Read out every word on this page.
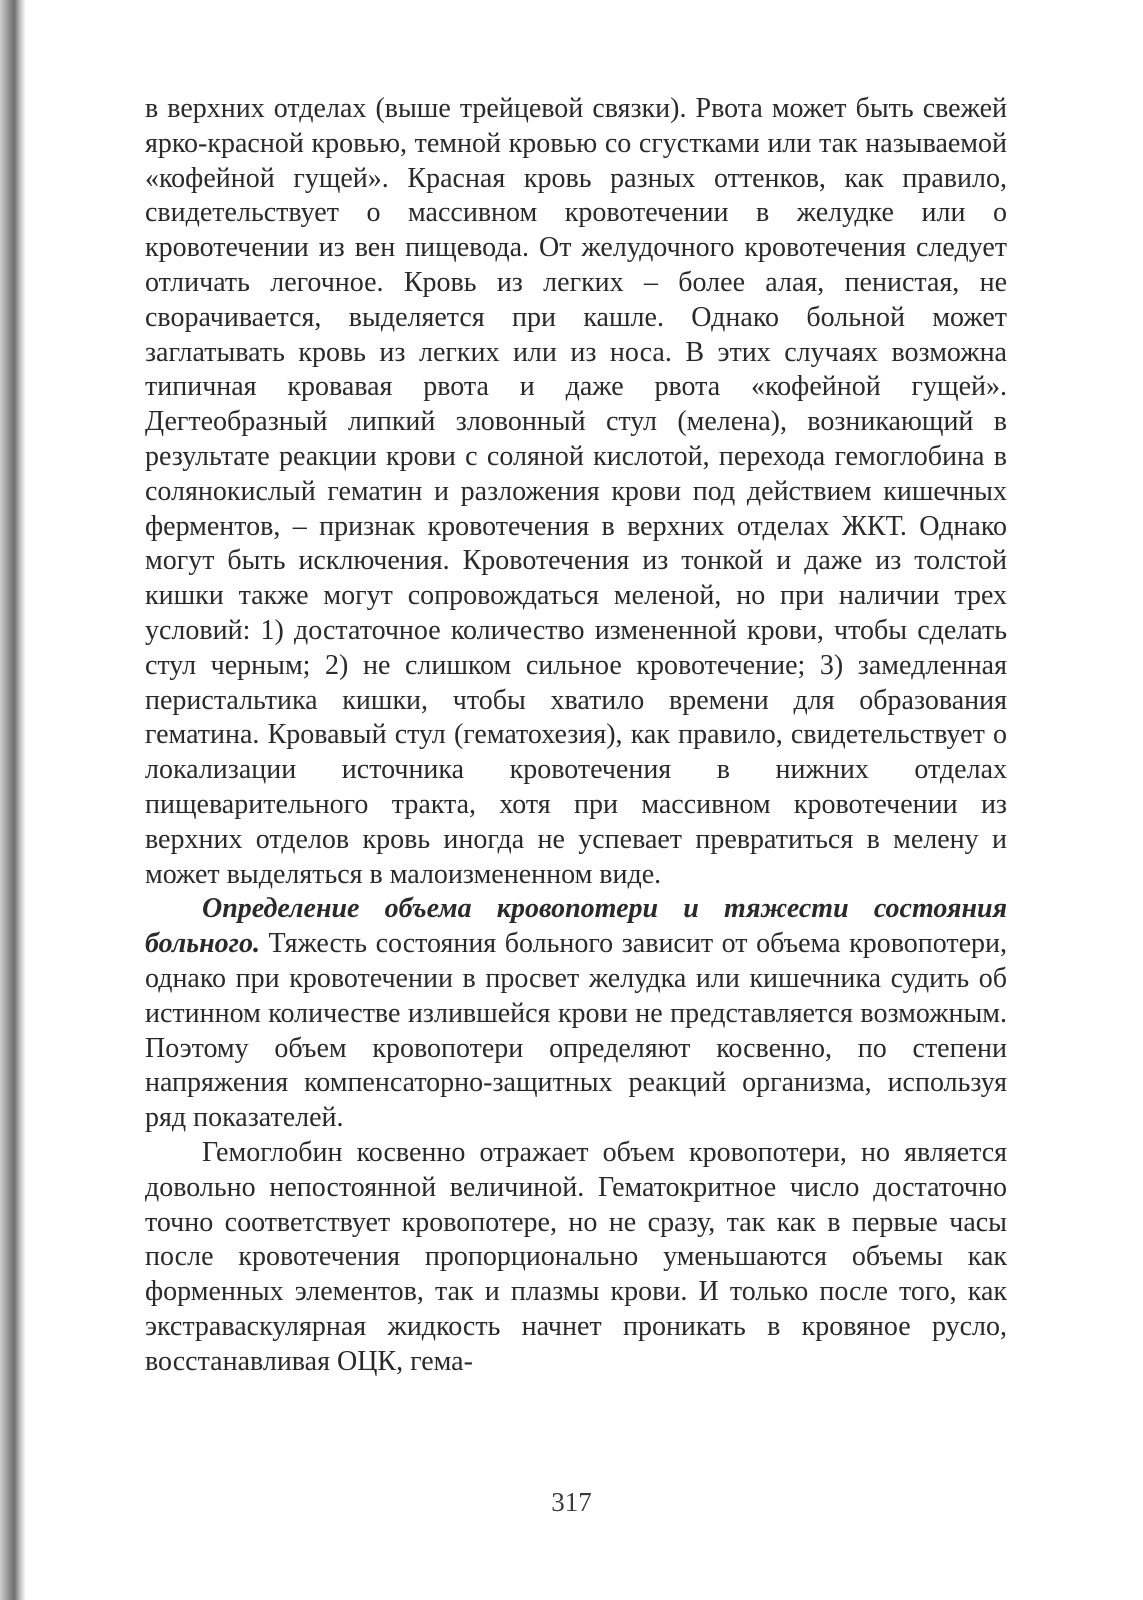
в верхних отделах (выше трейцевой связки). Рвота может быть свежей ярко-красной кровью, темной кровью со сгустками или так называемой «кофейной гущей». Красная кровь разных оттенков, как правило, свидетельствует о массивном кровотечении в желудке или о кровотечении из вен пищевода. От желудочного кровотечения следует отличать легочное. Кровь из легких – более алая, пенистая, не сворачивается, выделяется при кашле. Однако больной может заглатывать кровь из легких или из носа. В этих случаях возможна типичная кровавая рвота и даже рвота «кофейной гущей». Дегтеобразный липкий зловонный стул (мелена), возникающий в результате реакции крови с соляной кислотой, перехода гемоглобина в солянокислый гематин и разложения крови под действием кишечных ферментов, – признак кровотечения в верхних отделах ЖКТ. Однако могут быть исключения. Кровотечения из тонкой и даже из толстой кишки также могут сопровождаться меленой, но при наличии трех условий: 1) достаточное количество измененной крови, чтобы сделать стул черным; 2) не слишком сильное кровотечение; 3) замедленная перистальтика кишки, чтобы хватило времени для образования гематина. Кровавый стул (гематохезия), как правило, свидетельствует о локализации источника кровотечения в нижних отделах пищеварительного тракта, хотя при массивном кровотечении из верхних отделов кровь иногда не успевает превратиться в мелену и может выделяться в малоизмененном виде.

Определение объема кровопотери и тяжести состояния больного. Тяжесть состояния больного зависит от объема кровопотери, однако при кровотечении в просвет желудка или кишечника судить об истинном количестве излившейся крови не представляется возможным. Поэтому объем кровопотери определяют косвенно, по степени напряжения компенсаторно-защитных реакций организма, используя ряд показателей.

Гемоглобин косвенно отражает объем кровопотери, но является довольно непостоянной величиной. Гематокритное число достаточно точно соответствует кровопотере, но не сразу, так как в первые часы после кровотечения пропорционально уменьшаются объемы как форменных элементов, так и плазмы крови. И только после того, как экстраваскулярная жидкость начнет проникать в кровяное русло, восстанавливая ОЦК, гема-

317
